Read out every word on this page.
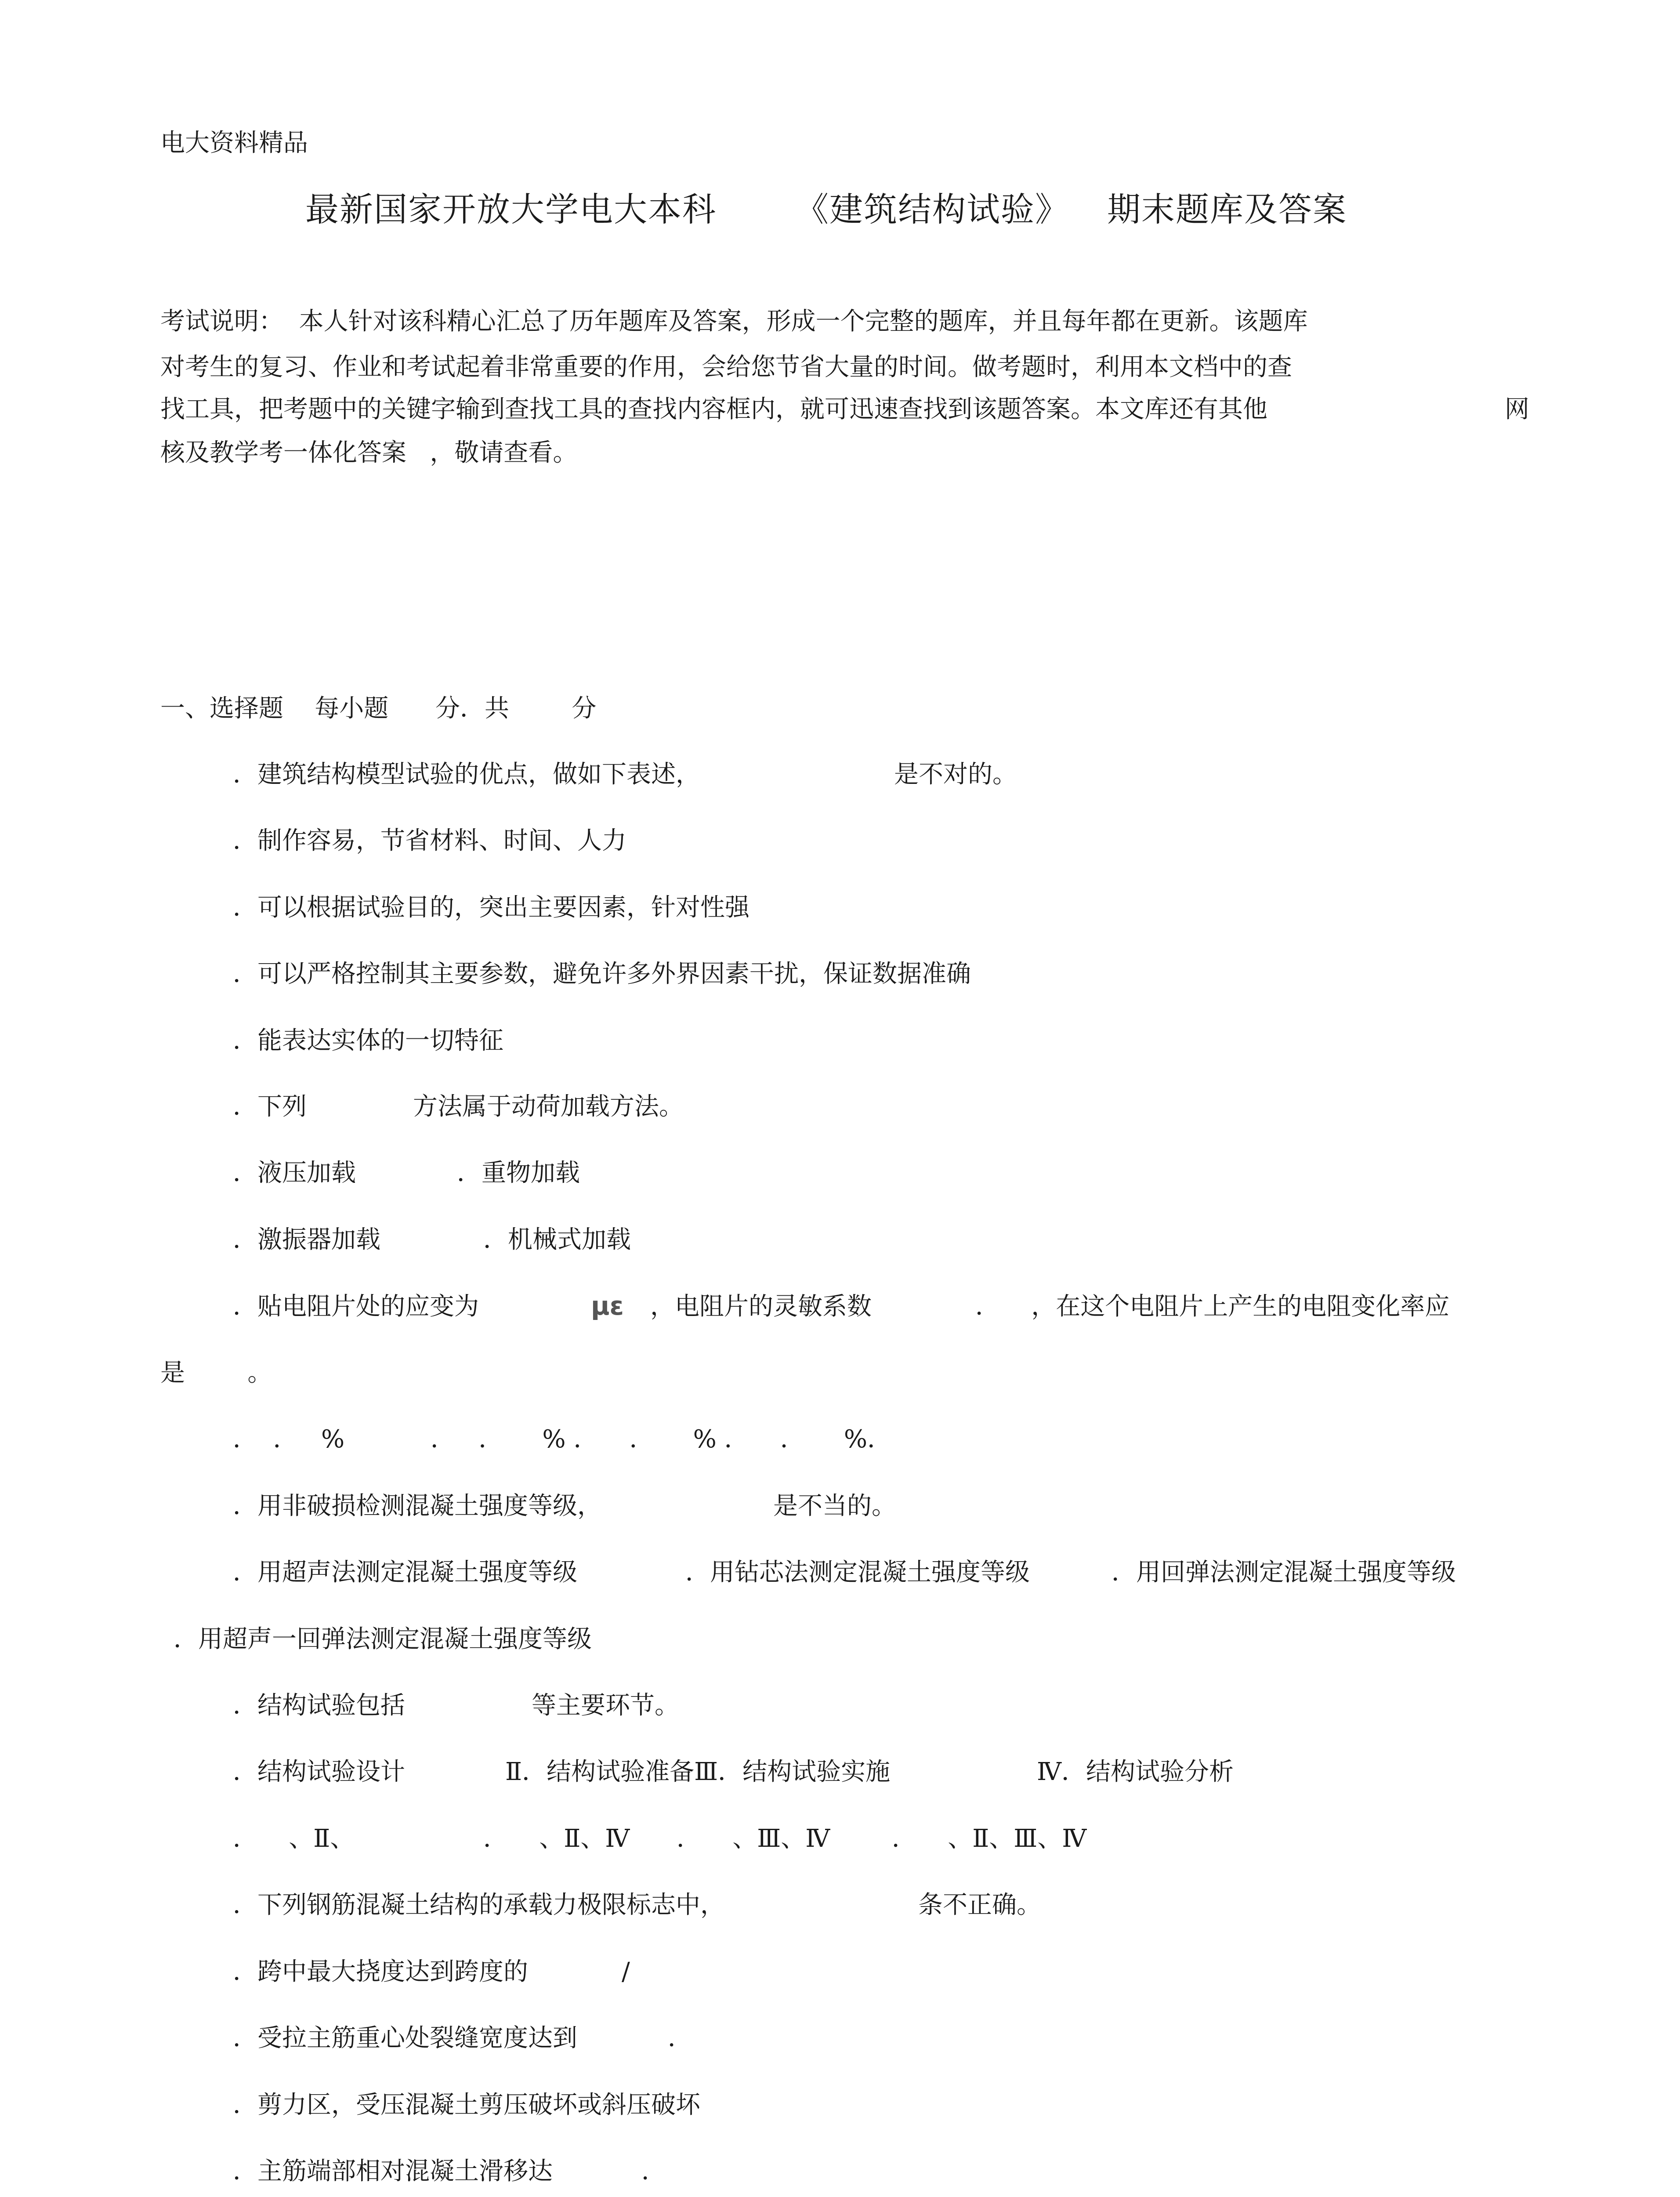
电大资料精品
最新国家开放大学电大本科 《建筑结构试验》 期末题库及答案
考试说明：  本人针对该科精心汇总了历年题库及答案，形成一个完整的题库，并且每年都在更新。该题库
对考生的复习、作业和考试起着非常重要的作用，会给您节省大量的时间。做考题时，利用本文档中的查
找工具，把考题中的关键字输到查找工具的查找内容框内，就可迅速查找到该题答案。本文库还有其他	网
核及教学考一体化答案   ，敬请查看。
一、选择题    每小题      分．共        分
．建筑结构模型试验的优点，做如下表述，	是不对的。
．制作容易，节省材料、时间、人力
．可以根据试验目的，突出主要因素，针对性强
．可以严格控制其主要参数，避免许多外界因素干扰，保证数据准确
．能表达实体的一切特征
．下列	方法属于动荷加载方法。
．液压加载	．重物加载
．激振器加载	．机械式加载
．贴电阻片处的应变为	με ，电阻片的灵敏系数	．    ，在这个电阻片上产生的电阻变化率应
是        。
．  ．   %           ．   ．     % ．    ．     % ．    ．     %．
．用非破损检测混凝土强度等级，	是不当的。
．用超声法测定混凝土强度等级	．用钻芯法测定混凝土强度等级	．用回弹法测定混凝土强度等级
．用超声一回弹法测定混凝土强度等级
．结构试验包括	等主要环节。
．结构试验设计	Ⅱ．结构试验准备Ⅲ．结构试验实施	Ⅳ．结构试验分析
．    、Ⅱ、	．    、Ⅱ、Ⅳ ．    、Ⅲ、Ⅳ	．    、Ⅱ、Ⅲ、Ⅳ
．下列钢筋混凝土结构的承载力极限标志中，	条不正确。
．跨中最大挠度达到跨度的	/
．受拉主筋重心处裂缝宽度达到	．
．剪力区，受压混凝土剪压破坏或斜压破坏
．主筋端部相对混凝土滑移达	．
